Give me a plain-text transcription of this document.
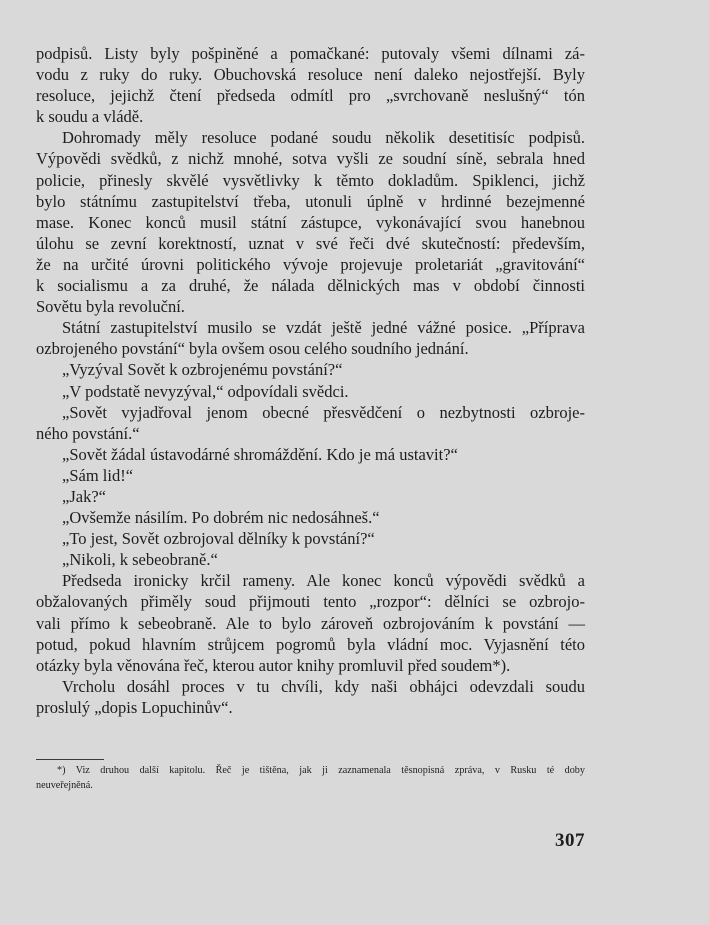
podpisů. Listy byly pošpiněné a pomačkané: putovaly všemi dílnami zá-
vodu z ruky do ruky. Obuchovská resoluce není daleko nejostřejší. Byly
resoluce, jejichž čtení předseda odmítl pro „svrchovaně neslušný“ tón
k soudu a vládě.
Dohromady měly resoluce podané soudu několik desetitisíc podpisů.
Výpovědi svědků, z nichž mnohé, sotva vyšli ze soudní síně, sebrala hned
policie, přinesly skvělé vysvětlivky k těmto dokladům. Spiklenci, jichž
bylo státnímu zastupitelství třeba, utonuli úplně v hrdinné bezejmenné
mase. Konec konců musil státní zástupce, vykonávající svou hanebnou
úlohu se zevní korektností, uznat v své řeči dvé skutečností: především,
že na určité úrovni politického vývoje projevuje proletariát „gravitování“
k socialismu a za druhé, že nálada dělnických mas v období činnosti
Sovětu byla revoluční.
Státní zastupitelství musilo se vzdát ještě jedné vážné posice. „Příprava
ozbrojeného povstání“ byla ovšem osou celého soudního jednání.
„Vyzýval Sovět k ozbrojenému povstání?“
„V podstatě nevyzýval,“ odpovídali svědci.
„Sovět vyjadřoval jenom obecné přesvědčení o nezbytnosti ozbroje-
ného povstání.“
„Sovět žádal ústavodárné shromáždění. Kdo je má ustavit?“
„Sám lid!“
„Jak?“
„Ovšemže násilím. Po dobrém nic nedosáhneš.“
„To jest, Sovět ozbrojoval dělníky k povstání?“
„Nikoli, k sebeobraně.“
Předseda ironicky krčil rameny. Ale konec konců výpovědi svědků a
obžalovaných přiměly soud přijmouti tento „rozpor“: dělníci se ozbrojo-
vali přímo k sebeobraně. Ale to bylo zároveň ozbrojováním k povstání —
potud, pokud hlavním strůjcem pogromů byla vládní moc. Vyjasnění této
otázky byla věnována řeč, kterou autor knihy promluvil před soudem*).
Vrcholu dosáhl proces v tu chvíli, kdy naši obhájci odevzdali soudu
proslulý „dopis Lopuchinův“.
*) Viz druhou další kapitolu. Řeč je tištěna, jak ji zaznamenala těsnopisná zpráva, v Rusku té doby
neuveřejněná.
307
